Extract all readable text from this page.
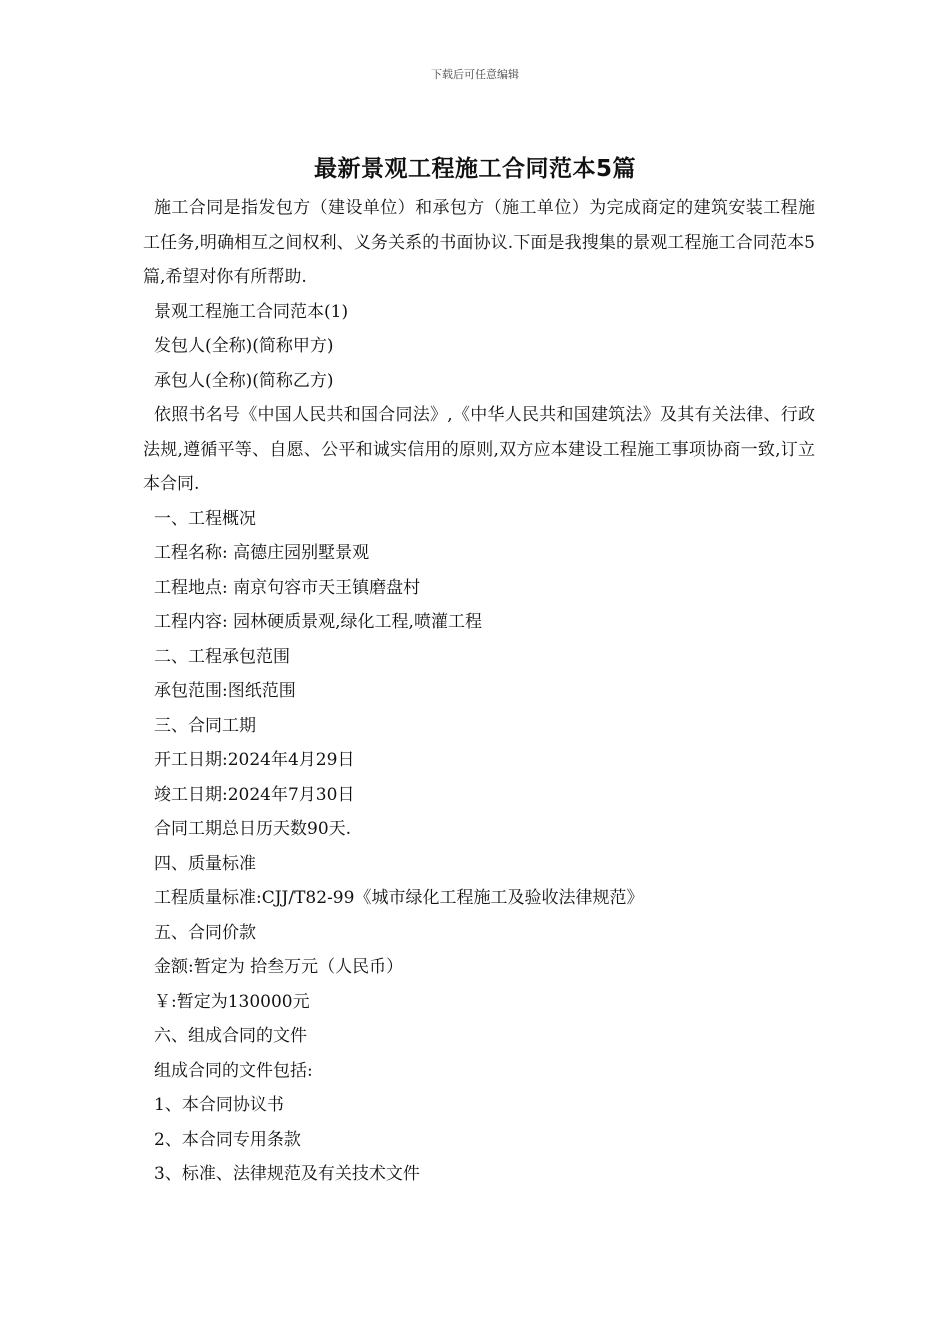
下载后可任意编辑
最新景观工程施工合同范本5篇

施工合同是指发包方（建设单位）和承包方（施工单位）为完成商定的建筑安装工程施工任务,明确相互之间权利、义务关系的书面协议.下面是我搜集的景观工程施工合同范本5篇,希望对你有所帮助.

景观工程施工合同范本(1)

发包人(全称)(简称甲方)

承包人(全称)(简称乙方)

依照书名号《中国人民共和国合同法》,《中华人民共和国建筑法》及其有关法律、行政法规,遵循平等、自愿、公平和诚实信用的原则,双方应本建设工程施工事项协商一致,订立本合同.

一、工程概况

工程名称: 高德庄园别墅景观

工程地点: 南京句容市天王镇磨盘村

工程内容: 园林硬质景观,绿化工程,喷灌工程

二、工程承包范围

承包范围:图纸范围

三、合同工期

开工日期:2024年4月29日

竣工日期:2024年7月30日

合同工期总日历天数90天.

四、质量标准

工程质量标准:CJJ/T82-99《城市绿化工程施工及验收法律规范》

五、合同价款

金额:暂定为 拾叁万元（人民币）

￥:暂定为130000元

六、组成合同的文件

组成合同的文件包括:

1、本合同协议书

2、本合同专用条款

3、标准、法律规范及有关技术文件
